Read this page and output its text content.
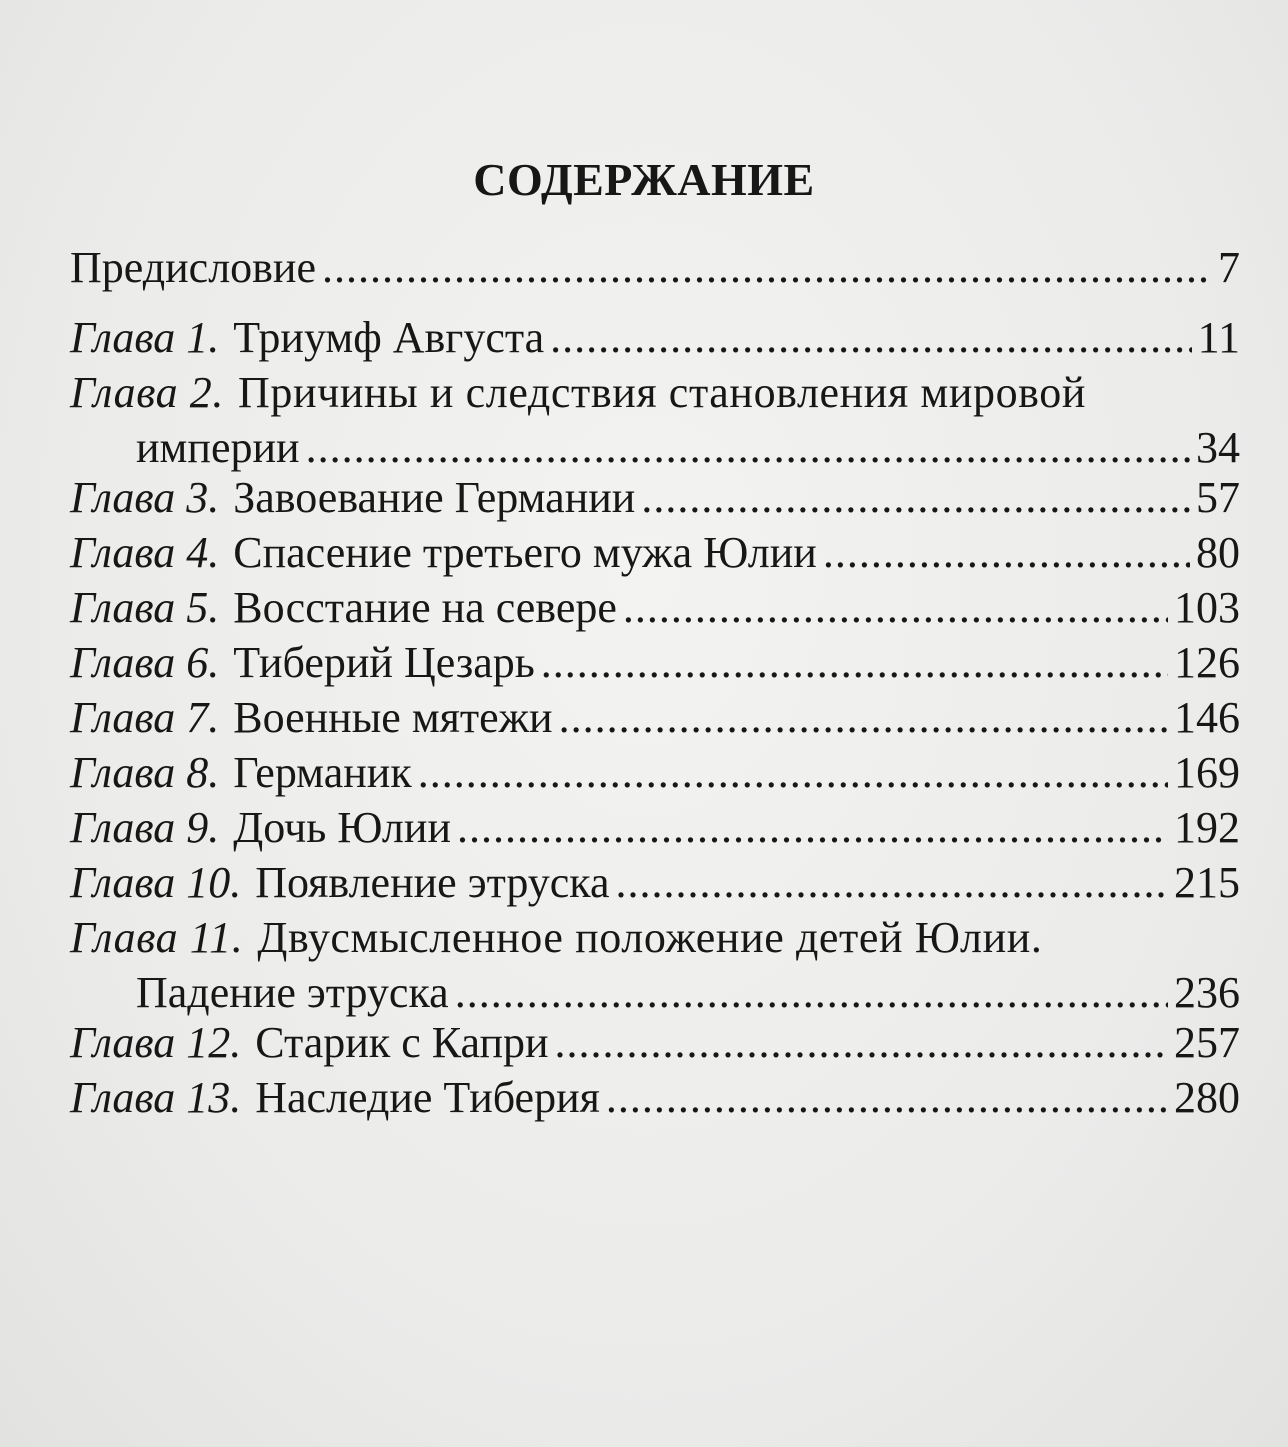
СОДЕРЖАНИЕ
Предисловие .....	7
Глава 1. Триумф Августа .....	11
Глава 2. Причины и следствия становления мировой
империи .....	34
Глава 3. Завоевание Германии .....	57
Глава 4. Спасение третьего мужа Юлии .....	80
Глава 5. Восстание на севере .....	103
Глава 6. Тиберий Цезарь .....	126
Глава 7. Военные мятежи .....	146
Глава 8. Германик .....	169
Глава 9. Дочь Юлии .....	192
Глава 10. Появление этруска .....	215
Глава 11. Двусмысленное положение детей Юлии.
Падение этруска .....	236
Глава 12. Старик с Капри .....	257
Глава 13. Наследие Тиберия .....	280
